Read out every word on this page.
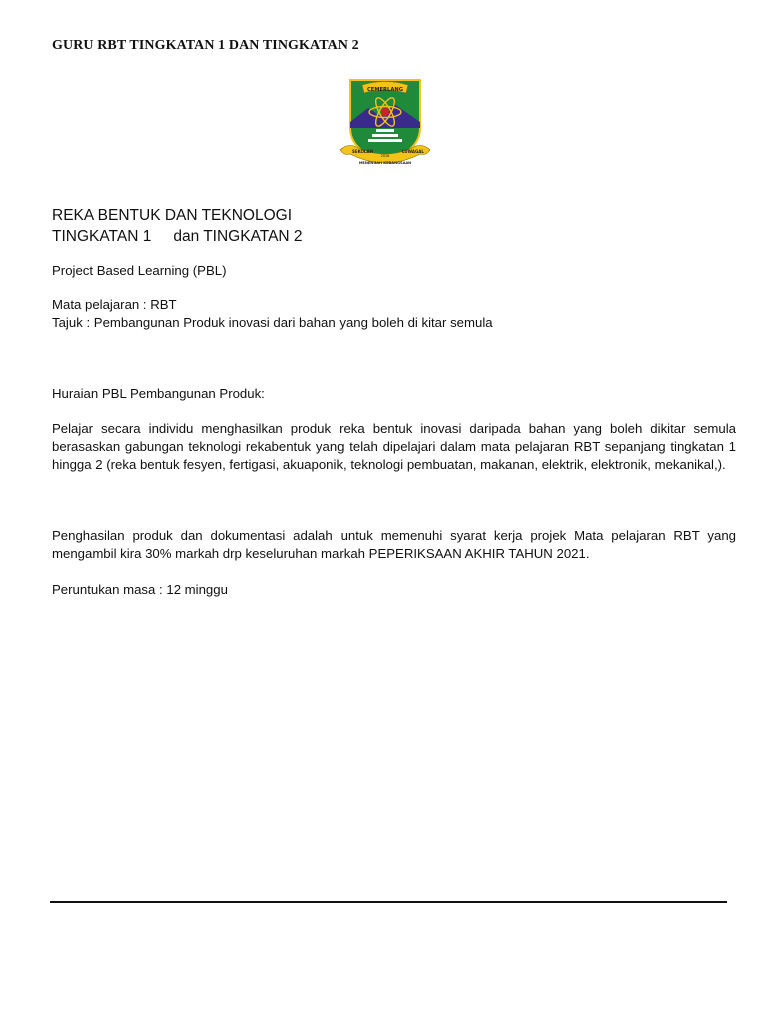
GURU RBT TINGKATAN 1 DAN TINGKATAN 2
CEMERLANG
SEKOLAH	LUWAGAL
2016
MENENGAH KEBANGSAAN
REKA BENTUK DAN TEKNOLOGI
TINGKATAN 1 dan TINGKATAN 2
Project Based Learning (PBL)
Mata pelajaran : RBT
Tajuk : Pembangunan Produk inovasi dari bahan yang boleh di kitar semula
Huraian PBL Pembangunan Produk:
Pelajar secara individu menghasilkan produk reka bentuk inovasi daripada bahan yang boleh dikitar semula berasaskan gabungan teknologi rekabentuk yang telah dipelajari dalam mata pelajaran RBT sepanjang tingkatan 1 hingga 2 (reka bentuk fesyen, fertigasi, akuaponik, teknologi pembuatan, makanan, elektrik, elektronik, mekanikal,).
Penghasilan produk dan dokumentasi adalah untuk memenuhi syarat kerja projek Mata pelajaran RBT yang mengambil kira 30% markah drp keseluruhan markah PEPERIKSAAN AKHIR TAHUN 2021.
Peruntukan masa : 12 minggu
